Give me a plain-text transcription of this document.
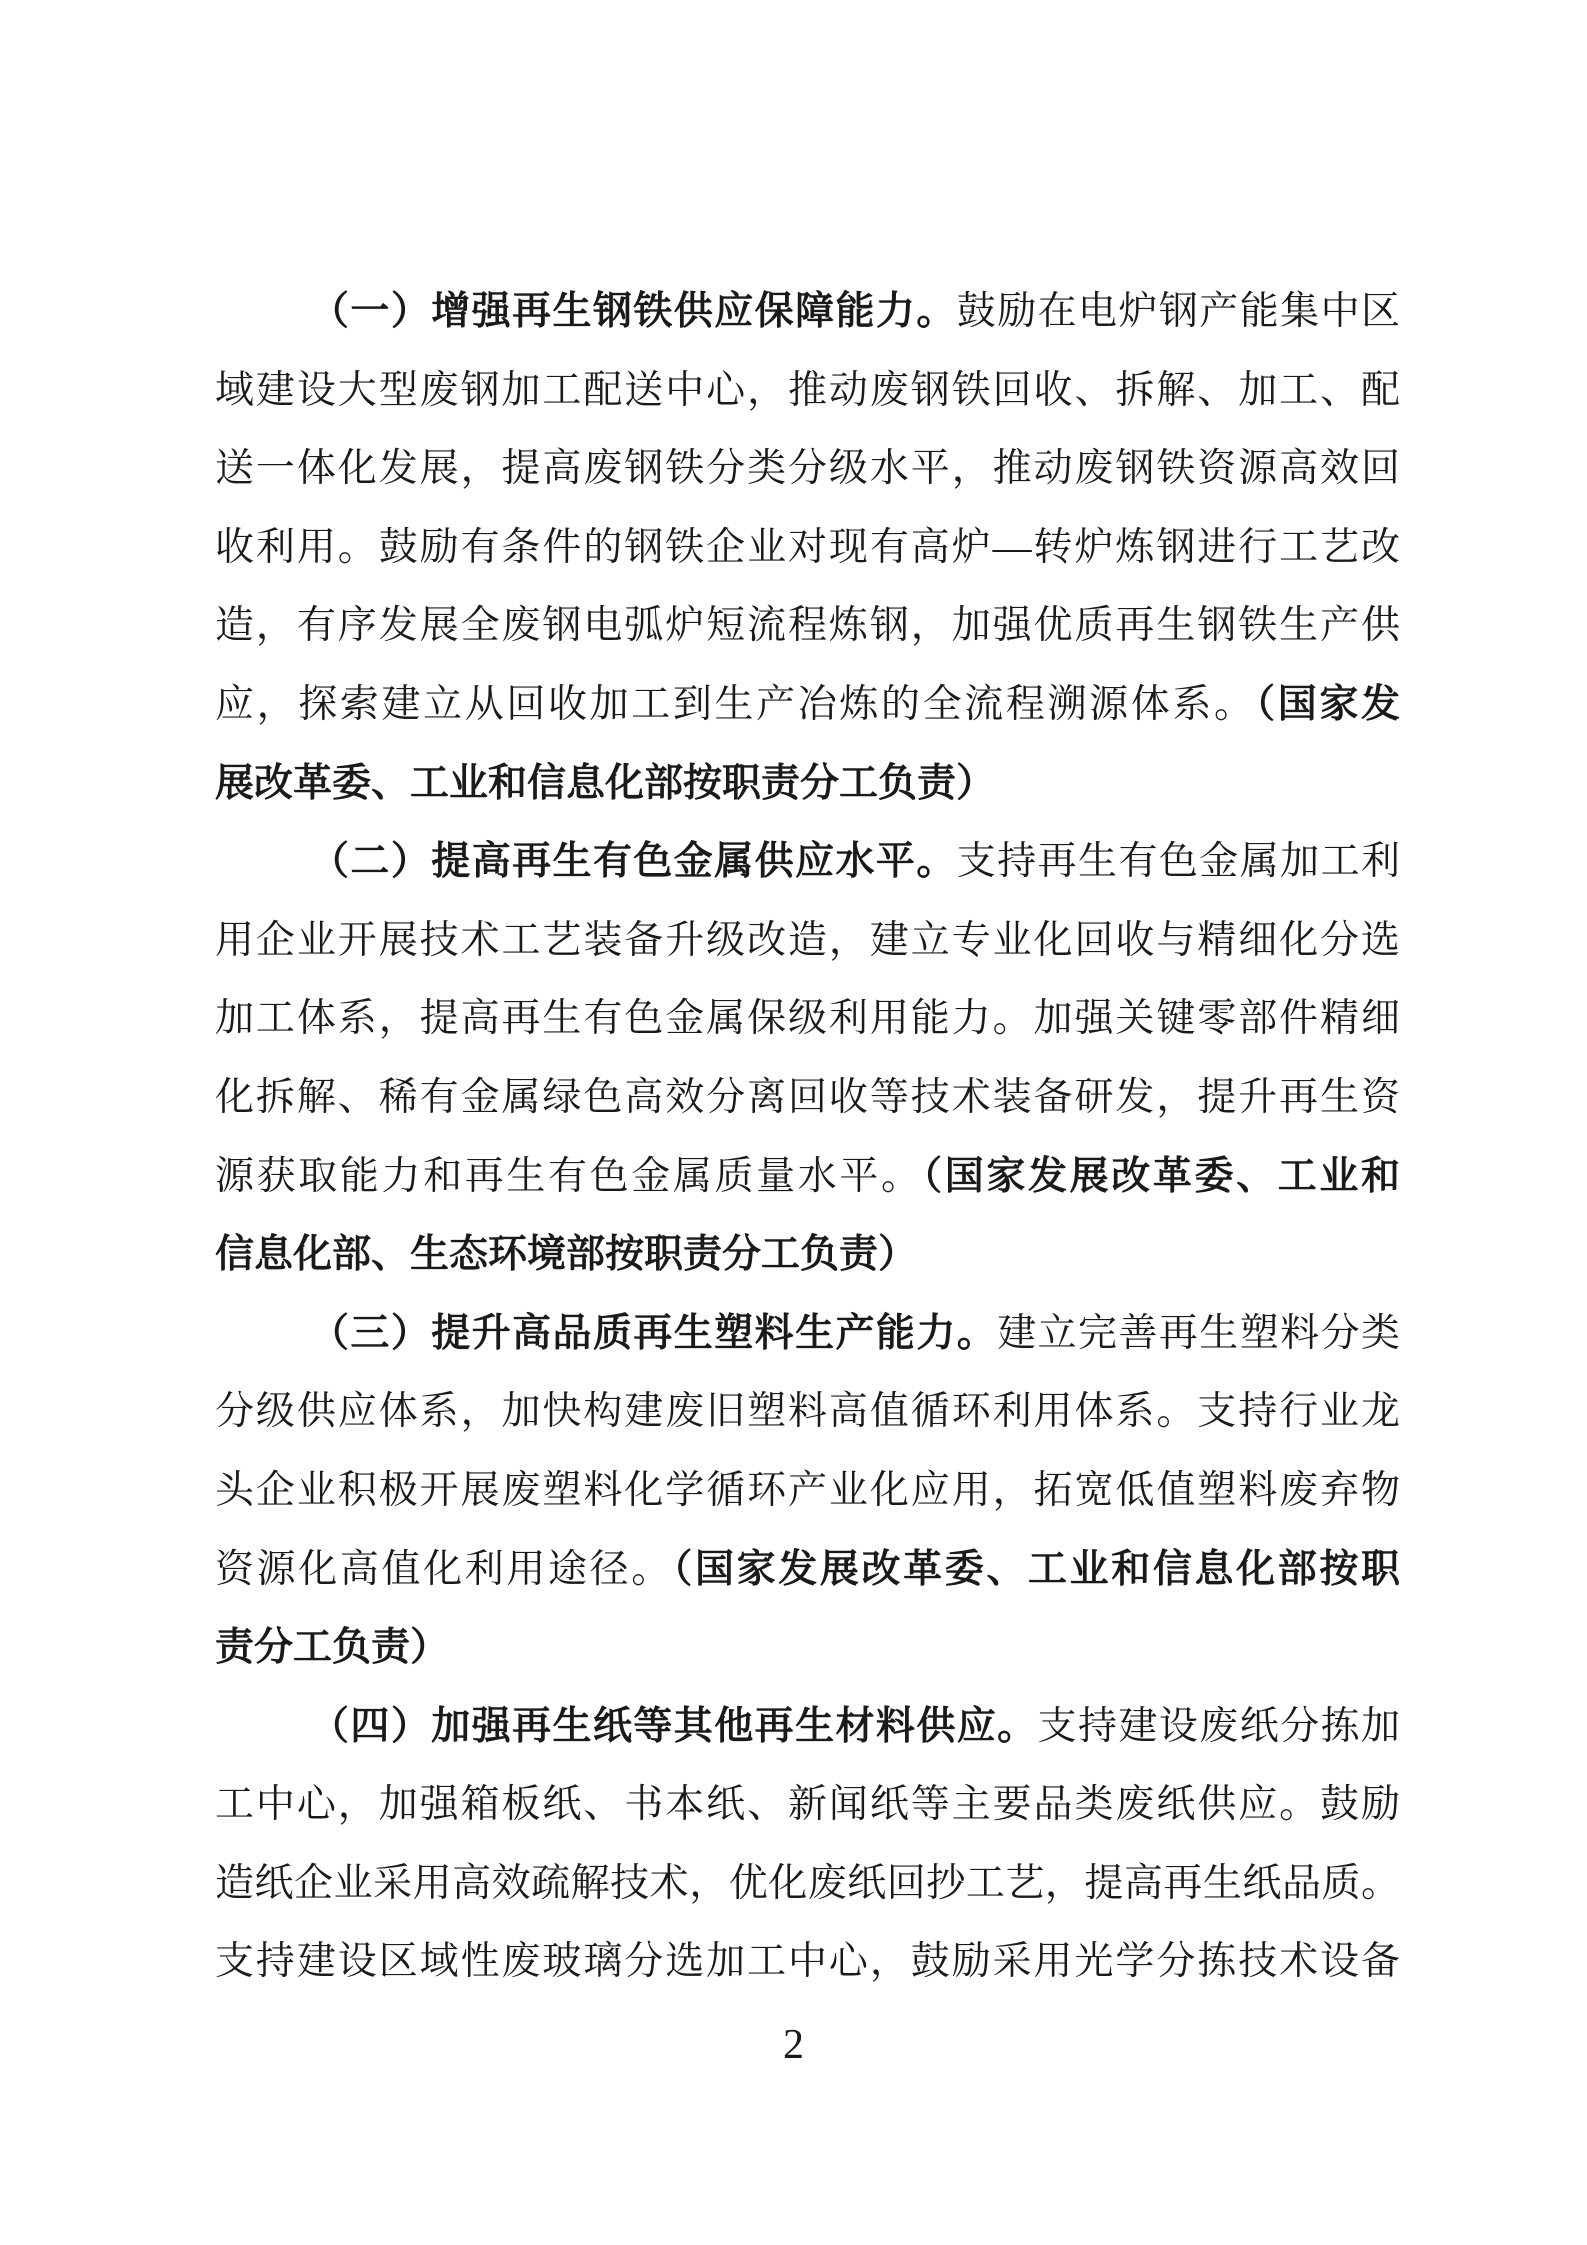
（一）增强再生钢铁供应保障能力。鼓励在电炉钢产能集中区
域建设大型废钢加工配送中心，推动废钢铁回收、拆解、加工、配
送一体化发展，提高废钢铁分类分级水平，推动废钢铁资源高效回
收利用。鼓励有条件的钢铁企业对现有高炉—转炉炼钢进行工艺改
造，有序发展全废钢电弧炉短流程炼钢，加强优质再生钢铁生产供
应，探索建立从回收加工到生产冶炼的全流程溯源体系。（国家发
展改革委、工业和信息化部按职责分工负责）
（二）提高再生有色金属供应水平。支持再生有色金属加工利
用企业开展技术工艺装备升级改造，建立专业化回收与精细化分选
加工体系，提高再生有色金属保级利用能力。加强关键零部件精细
化拆解、稀有金属绿色高效分离回收等技术装备研发，提升再生资
源获取能力和再生有色金属质量水平。（国家发展改革委、工业和
信息化部、生态环境部按职责分工负责）
（三）提升高品质再生塑料生产能力。建立完善再生塑料分类
分级供应体系，加快构建废旧塑料高值循环利用体系。支持行业龙
头企业积极开展废塑料化学循环产业化应用，拓宽低值塑料废弃物
资源化高值化利用途径。（国家发展改革委、工业和信息化部按职
责分工负责）
（四）加强再生纸等其他再生材料供应。支持建设废纸分拣加
工中心，加强箱板纸、书本纸、新闻纸等主要品类废纸供应。鼓励
造纸企业采用高效疏解技术，优化废纸回抄工艺，提高再生纸品质。
支持建设区域性废玻璃分选加工中心，鼓励采用光学分拣技术设备
2
